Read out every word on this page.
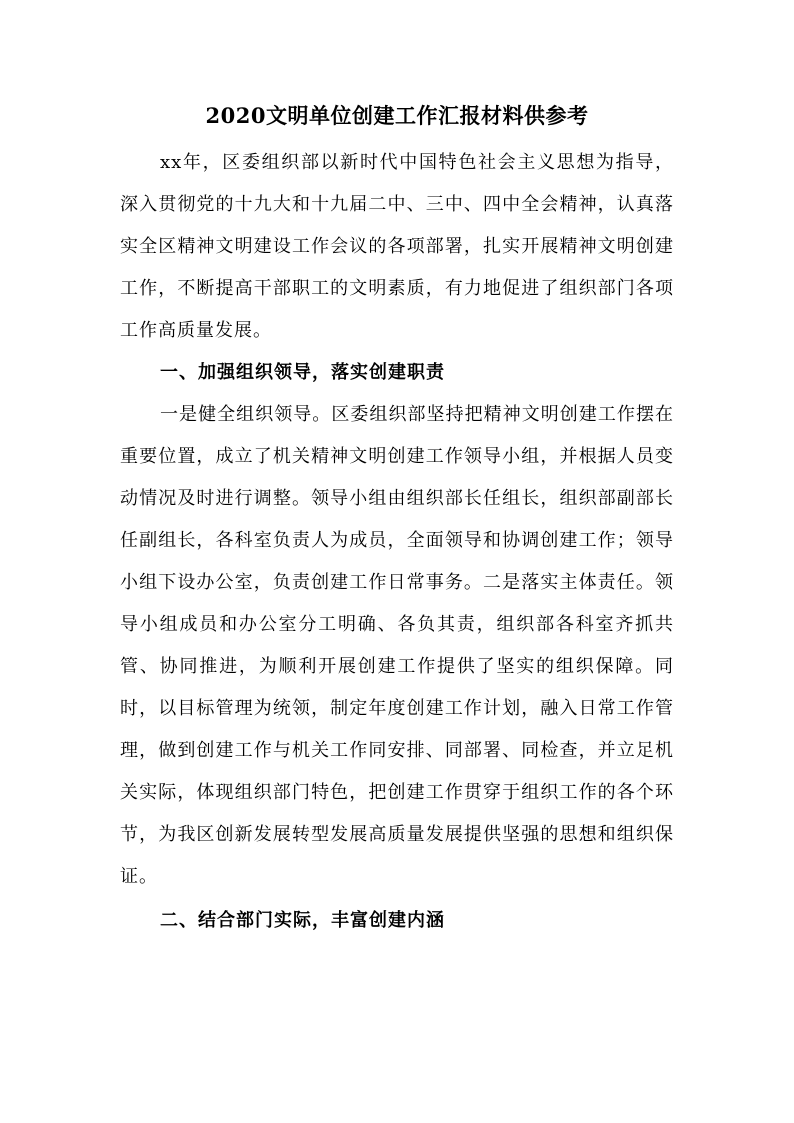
2020文明单位创建工作汇报材料供参考
xx年，区委组织部以新时代中国特色社会主义思想为指导，深入贯彻党的十九大和十九届二中、三中、四中全会精神，认真落实全区精神文明建设工作会议的各项部署，扎实开展精神文明创建工作，不断提高干部职工的文明素质，有力地促进了组织部门各项工作高质量发展。
一、加强组织领导，落实创建职责
一是健全组织领导。区委组织部坚持把精神文明创建工作摆在重要位置，成立了机关精神文明创建工作领导小组，并根据人员变动情况及时进行调整。领导小组由组织部长任组长，组织部副部长任副组长，各科室负责人为成员，全面领导和协调创建工作；领导小组下设办公室，负责创建工作日常事务。二是落实主体责任。领导小组成员和办公室分工明确、各负其责，组织部各科室齐抓共管、协同推进，为顺利开展创建工作提供了坚实的组织保障。同时，以目标管理为统领，制定年度创建工作计划，融入日常工作管理，做到创建工作与机关工作同安排、同部署、同检查，并立足机关实际，体现组织部门特色，把创建工作贯穿于组织工作的各个环节，为我区创新发展转型发展高质量发展提供坚强的思想和组织保证。
二、结合部门实际，丰富创建内涵
